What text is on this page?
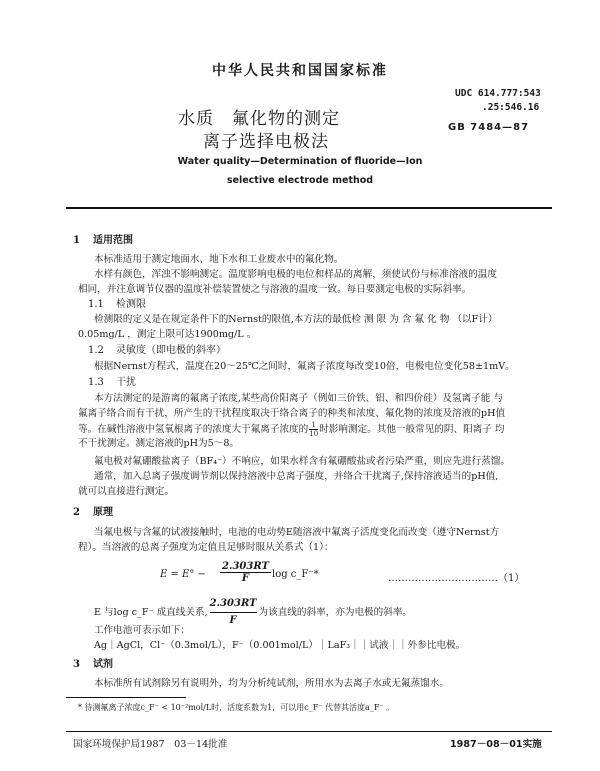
中华人民共和国国家标准
水质　氟化物的测定
离子选择电极法
UDC 614.777:543
.25:546.16
GB 7484—87
Water quality—Determination of fluoride—Ion
selective electrode method
1 适用范围
本标准适用于测定地面水、地下水和工业废水中的氟化物。
水样有颜色，浑浊不影响测定。温度影响电极的电位和样品的离解，须使试份与标准溶液的温度
相同，并注意调节仪器的温度补偿装置使之与溶液的温度一致。每日要测定电极的实际斜率。
1.1 检测限
检测限的定义是在规定条件下的Nernst的限值,本方法的最低检 测 限 为 含 氟 化 物 （以F计）
0.05mg/L ，测定上限可达1900mg/L 。
1.2 灵敏度（即电极的斜率）
根据Nernst方程式，温度在20～25℃之间时，氟离子浓度每改变10倍，电极电位变化58±1mV。
1.3 干扰
本方法测定的是游离的氟离子浓度,某些高价阳离子（例如三价铁、铝、和四价硅）及氢离子能 与
氟离子络合而有干扰，所产生的干扰程度取决于络合离子的种类和浓度、氟化物的浓度及溶液的pH值
等。在碱性溶液中氢氧根离子的浓度大于氟离子浓度的 $\frac{1}{10}$ 时影响测定。其他一般常见的阴、阳离子 均
不干扰测定。测定溶液的pH为5～8。
氟电极对氟硼酸盐离子（BF₄⁻）不响应，如果水样含有氟硼酸盐或者污染严重，则应先进行蒸馏。
通常，加入总离子强度调节剂以保持溶液中总离子强度，并络合干扰离子,保持溶液适当的pH值,
就可以直接进行测定。
2 原理
当氟电极与含氟的试液接触时，电池的电动势E随溶液中氟离子活度变化而改变（遵守Nernst方
程）。当溶液的总离子强度为定值且足够时服从关系式（1）：
$E = E^\circ - \frac{2.303RT}{F}$ log c_F⁻*	……………………………（1）
E 与log c_F⁻ 成直线关系, $\frac{2.303RT}{F}$ 为该直线的斜率，亦为电极的斜率。
工作电池可表示如下：
Ag｜AgCl，Cl⁻（0.3mol/L），F⁻（0.001mol/L）｜LaF₃｜｜试液｜｜外参比电极。
3 试剂
本标准所有试剂除另有说明外，均为分析纯试剂，所用水为去离子水或无氟蒸馏水。
* 待测氟离子浓度c_F⁻ < 10⁻²mol/L时，活度系数为1，可以用c_F⁻ 代替其活度a_F⁻ 。
国家环境保护局1987　03－14批准	1987－08－01实施
